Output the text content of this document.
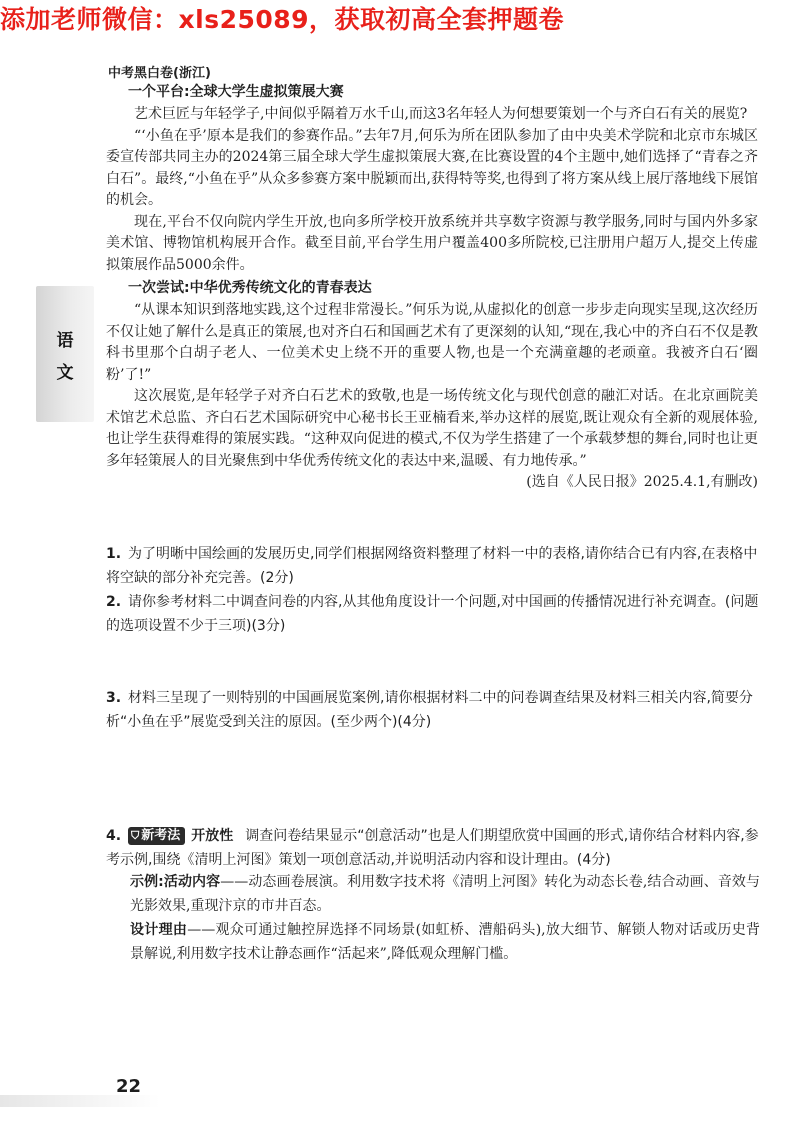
添加老师微信：xls25089，获取初高全套押题卷
中考黑白卷(浙江)
语
文

一个平台:全球大学生虚拟策展大赛

艺术巨匠与年轻学子,中间似乎隔着万水千山,而这3名年轻人为何想要策划一个与齐白石有关的展览?

“‘小鱼在乎’原本是我们的参赛作品。”去年7月,何乐为所在团队参加了由中央美术学院和北京市东城区委宣传部共同主办的2024第三届全球大学生虚拟策展大赛,在比赛设置的4个主题中,她们选择了“青春之齐白石”。最终,“小鱼在乎”从众多参赛方案中脱颖而出,获得特等奖,也得到了将方案从线上展厅落地线下展馆的机会。

现在,平台不仅向院内学生开放,也向多所学校开放系统并共享数字资源与教学服务,同时与国内外多家美术馆、博物馆机构展开合作。截至目前,平台学生用户覆盖400多所院校,已注册用户超万人,提交上传虚拟策展作品5000余件。

一次尝试:中华优秀传统文化的青春表达

“从课本知识到落地实践,这个过程非常漫长。”何乐为说,从虚拟化的创意一步步走向现实呈现,这次经历不仅让她了解什么是真正的策展,也对齐白石和国画艺术有了更深刻的认知,“现在,我心中的齐白石不仅是教科书里那个白胡子老人、一位美术史上绕不开的重要人物,也是一个充满童趣的老顽童。我被齐白石‘圈粉’了!”

这次展览,是年轻学子对齐白石艺术的致敬,也是一场传统文化与现代创意的融汇对话。在北京画院美术馆艺术总监、齐白石艺术国际研究中心秘书长王亚楠看来,举办这样的展览,既让观众有全新的观展体验,也让学生获得难得的策展实践。“这种双向促进的模式,不仅为学生搭建了一个承载梦想的舞台,同时也让更多年轻策展人的目光聚焦到中华优秀传统文化的表达中来,温暖、有力地传承。”
(选自《人民日报》2025.4.1,有删改)

1. 为了明晰中国绘画的发展历史,同学们根据网络资料整理了材料一中的表格,请你结合已有内容,在表格中将空缺的部分补充完善。(2分)
2. 请你参考材料二中调查问卷的内容,从其他角度设计一个问题,对中国画的传播情况进行补充调查。(问题的选项设置不少于三项)(3分)
3. 材料三呈现了一则特别的中国画展览案例,请你根据材料二中的问卷调查结果及材料三相关内容,简要分析“小鱼在乎”展览受到关注的原因。(至少两个)(4分)
4. ⛉ 新考法 开放性 调查问卷结果显示“创意活动”也是人们期望欣赏中国画的形式,请你结合材料内容,参考示例,围绕《清明上河图》策划一项创意活动,并说明活动内容和设计理由。(4分)
示例:活动内容——动态画卷展演。利用数字技术将《清明上河图》转化为动态长卷,结合动画、音效与光影效果,重现汴京的市井百态。
设计理由——观众可通过触控屏选择不同场景(如虹桥、漕船码头),放大细节、解锁人物对话或历史背景解说,利用数字技术让静态画作“活起来”,降低观众理解门槛。
22
